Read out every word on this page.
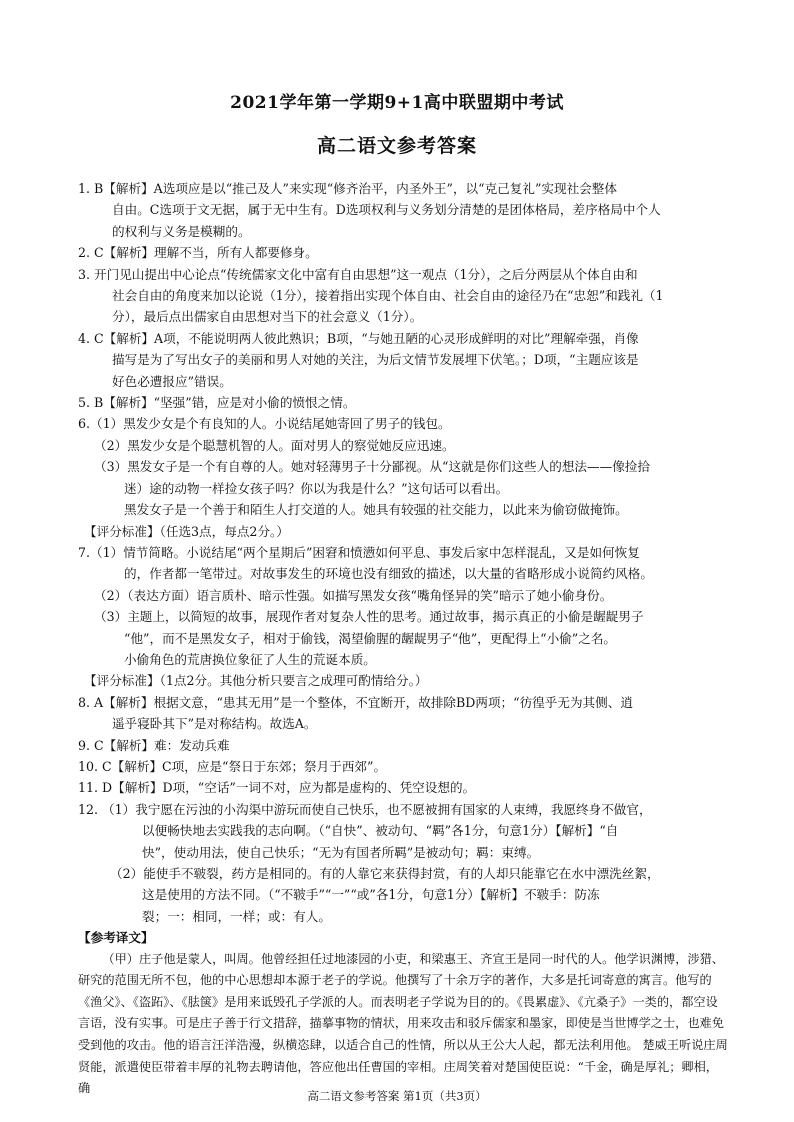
2021学年第一学期9+1高中联盟期中考试
高二语文参考答案

1. B【解析】A选项应是以“推己及人”来实现“修齐治平，内圣外王”，以“克己复礼”实现社会整体
自由。C选项于文无据，属于无中生有。D选项权利与义务划分清楚的是团体格局，差序格局中个人
的权利与义务是模糊的。

2. C【解析】理解不当，所有人都要修身。

3. 开门见山提出中心论点“传统儒家文化中富有自由思想”这一观点（1分），之后分两层从个体自由和
社会自由的角度来加以论说（1分），接着指出实现个体自由、社会自由的途径乃在“忠恕”和践礼（1
分），最后点出儒家自由思想对当下的社会意义（1分）。

4. C【解析】A项，不能说明两人彼此熟识；B项，“与她丑陋的心灵形成鲜明的对比”理解牵强，肖像
描写是为了写出女子的美丽和男人对她的关注，为后文情节发展埋下伏笔。；D项，“主题应该是
好色必遭报应”错误。

5. B【解析】“坚强”错，应是对小偷的愤恨之情。

6.（1）黑发少女是个有良知的人。小说结尾她寄回了男子的钱包。

（2）黑发少女是个聪慧机智的人。面对男人的察觉她反应迅速。

（3）黑发女子是一个有自尊的人。她对轻薄男子十分鄙视。从“这就是你们这些人的想法——像捡拾
迷）途的动物一样捡女孩子吗？你以为我是什么？”这句话可以看出。

黑发女子是一个善于和陌生人打交道的人。她具有较强的社交能力，以此来为偷窃做掩饰。

【评分标准】（任选3点，每点2分。）

7.（1）情节简略。小说结尾“两个星期后”困窘和愤懑如何平息、事发后家中怎样混乱，又是如何恢复
的，作者都一笔带过。对故事发生的环境也没有细致的描述，以大量的省略形成小说简约风格。

（2）（表达方面）语言质朴、暗示性强。如描写黑发女孩“嘴角怪异的笑”暗示了她小偷身份。

（3）主题上，以简短的故事，展现作者对复杂人性的思考。通过故事，揭示真正的小偷是龌龊男子
“他”，而不是黑发女子，相对于偷钱，渴望偷腥的龌龊男子“他”，更配得上“小偷”之名。
小偷角色的荒唐换位象征了人生的荒诞本质。

【评分标准】（1点2分。其他分析只要言之成理可酌情给分。）

8. A【解析】根据文意，“患其无用”是一个整体，不宜断开，故排除BD两项；“彷徨乎无为其侧、逍
遥乎寝卧其下”是对称结构。故选A。

9. C【解析】难：发动兵难

10. C【解析】C项，应是“祭日于东郊；祭月于西郊”。

11. D【解析】D项，“空话”一词不对，应为都是虚构的、凭空设想的。

12. （1）我宁愿在污浊的小沟渠中游玩而使自己快乐，也不愿被拥有国家的人束缚，我愿终身不做官，
以便畅快地去实践我的志向啊。（“自快”、被动句、“羁”各1分，句意1分）【解析】“自
快”，使动用法，使自己快乐；“无为有国者所羁”是被动句；羁：束缚。

（2）能使手不皲裂，药方是相同的。有的人靠它来获得封赏，有的人却只能靠它在水中漂洗丝絮，
这是使用的方法不同。（“不皲手”“一”“或”各1分，句意1分）【解析】不皲手：防冻
裂；一：相同，一样；或：有人。

【参考译文】

（甲）庄子他是蒙人，叫周。他曾经担任过地漆园的小吏，和梁惠王、齐宣王是同一时代的人。他学识渊博，涉猎、研究的范围无所不包，他的中心思想却本源于老子的学说。他撰写了十余万字的著作，大多是托词寄意的寓言。他写的《渔父》、《盗跖》、《胠箧》是用来诋毁孔子学派的人。而表明老子学说为目的的。《畏累虚》、《亢桑子》一类的，都空设言语，没有实事。可是庄子善于行文措辞，描摹事物的情状，用来攻击和驳斥儒家和墨家，即使是当世博学之士，也难免受到他的攻击。他的语言汪洋浩漫，纵横恣肆，以适合自己的性情，所以从王公大人起，都无法利用他。 楚威王听说庄周贤能，派遣使臣带着丰厚的礼物去聘请他，答应他出任曹国的宰相。庄周笑着对楚国使臣说：“千金，确是厚礼；卿相，确

高二语文参考答案 第1页（共3页）
